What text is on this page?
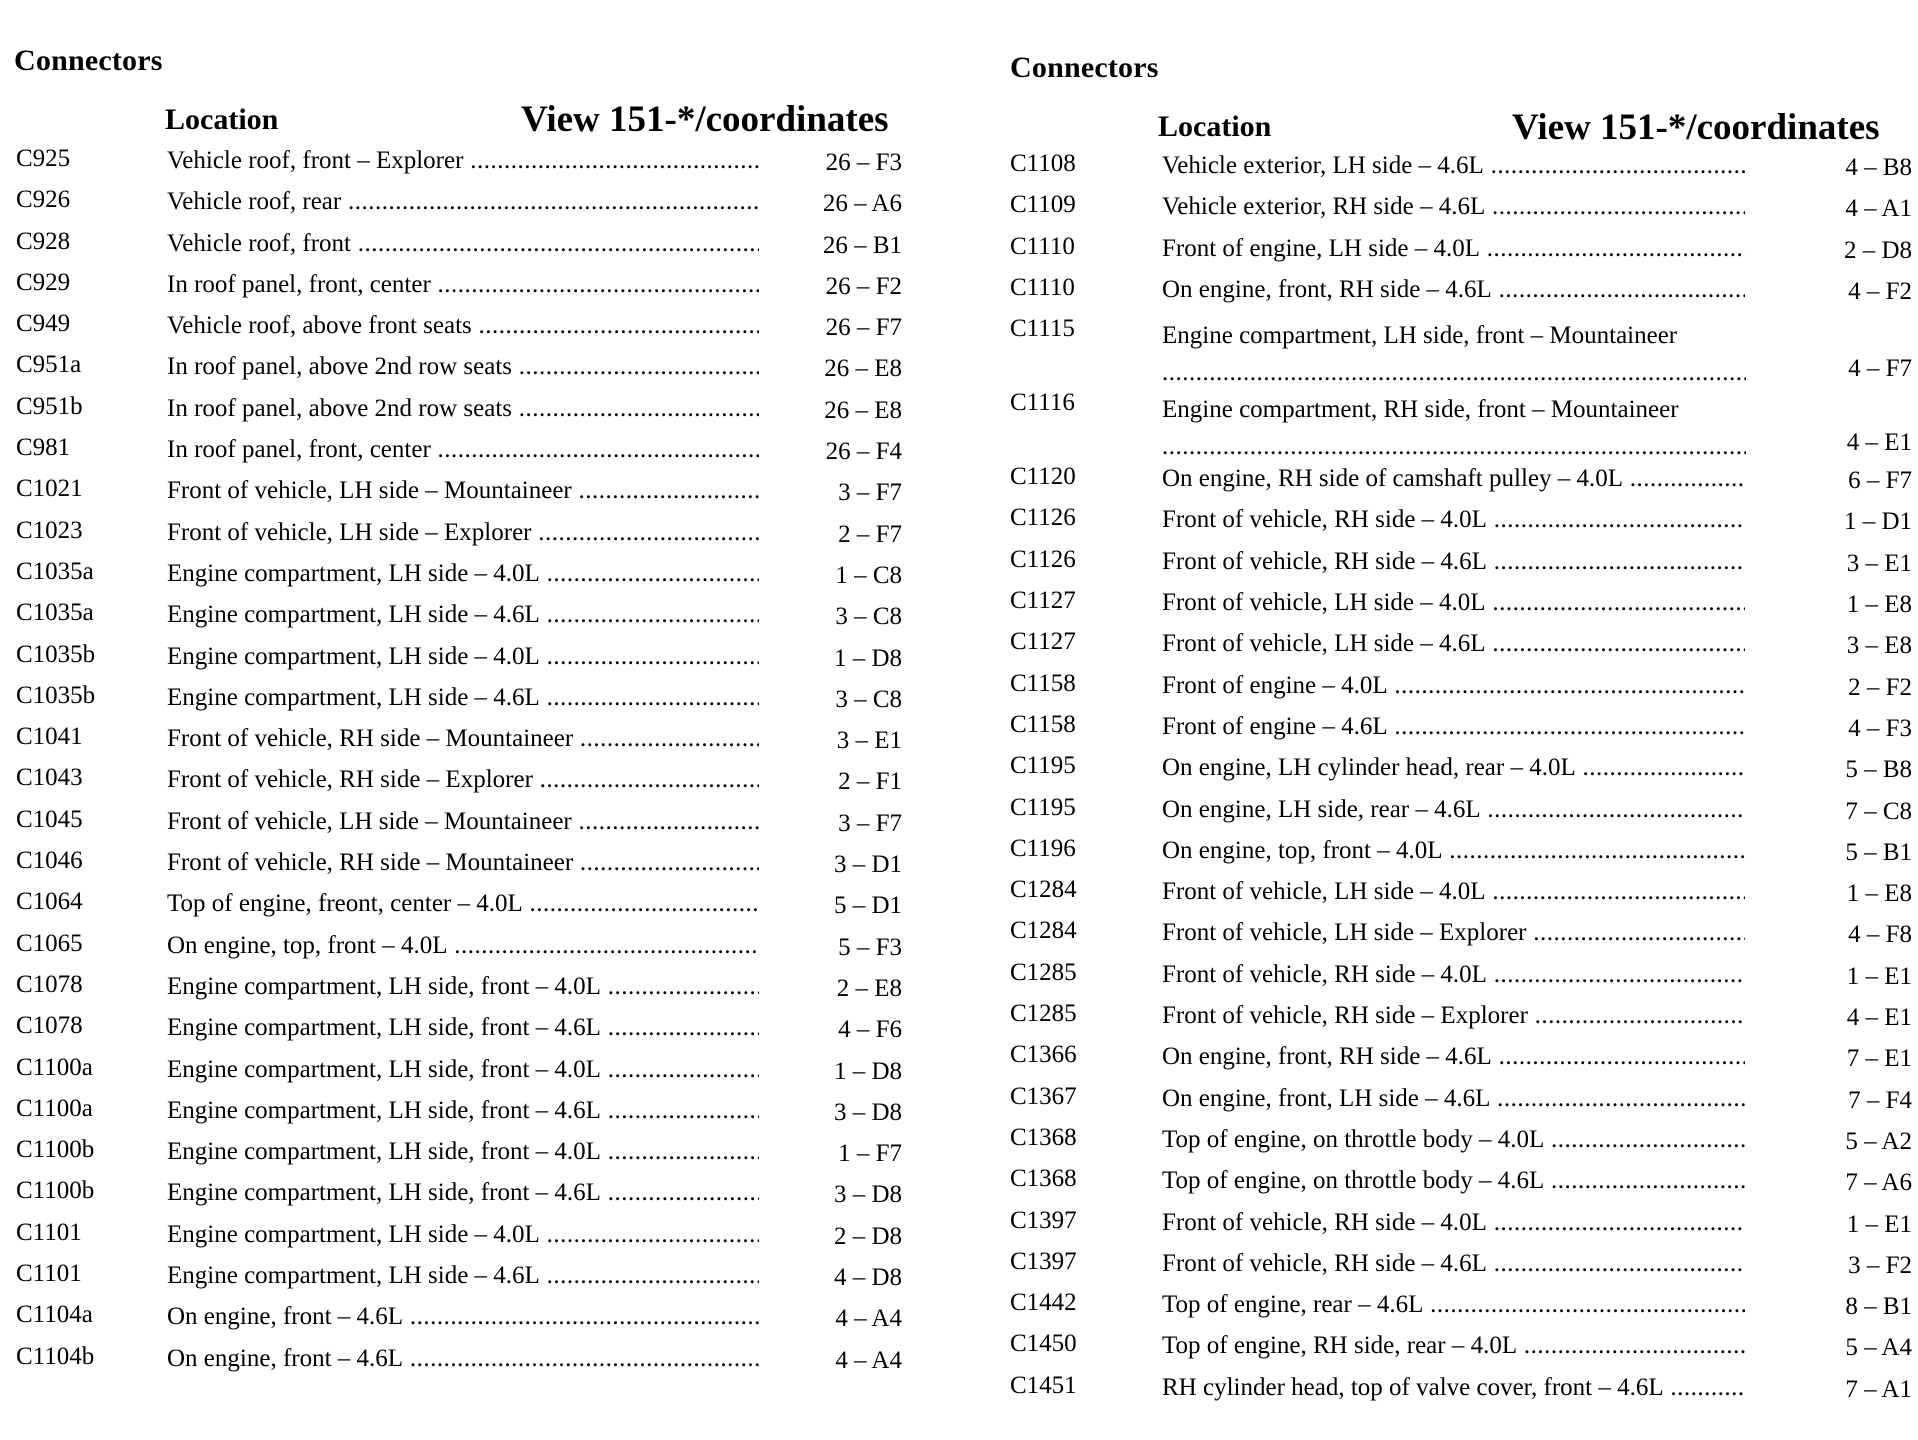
Connectors
Location	View 151-*/coordinates
C925	Vehicle roof, front – Explorer .....	26 – F3
C926	Vehicle roof, rear .....	26 – A6
C928	Vehicle roof, front .....	26 – B1
C929	In roof panel, front, center .....	26 – F2
C949	Vehicle roof, above front seats .....	26 – F7
C951a	In roof panel, above 2nd row seats .....	26 – E8
C951b	In roof panel, above 2nd row seats .....	26 – E8
C981	In roof panel, front, center .....	26 – F4
C1021	Front of vehicle, LH side – Mountaineer .....	3 – F7
C1023	Front of vehicle, LH side – Explorer .....	2 – F7
C1035a	Engine compartment, LH side – 4.0L .....	1 – C8
C1035a	Engine compartment, LH side – 4.6L .....	3 – C8
C1035b	Engine compartment, LH side – 4.0L .....	1 – D8
C1035b	Engine compartment, LH side – 4.6L .....	3 – C8
C1041	Front of vehicle, RH side – Mountaineer .....	3 – E1
C1043	Front of vehicle, RH side – Explorer .....	2 – F1
C1045	Front of vehicle, LH side – Mountaineer .....	3 – F7
C1046	Front of vehicle, RH side – Mountaineer .....	3 – D1
C1064	Top of engine, freont, center – 4.0L .....	5 – D1
C1065	On engine, top, front – 4.0L .....	5 – F3
C1078	Engine compartment, LH side, front – 4.0L .....	2 – E8
C1078	Engine compartment, LH side, front – 4.6L .....	4 – F6
C1100a	Engine compartment, LH side, front – 4.0L .....	1 – D8
C1100a	Engine compartment, LH side, front – 4.6L .....	3 – D8
C1100b	Engine compartment, LH side, front – 4.0L .....	1 – F7
C1100b	Engine compartment, LH side, front – 4.6L .....	3 – D8
C1101	Engine compartment, LH side – 4.0L .....	2 – D8
C1101	Engine compartment, LH side – 4.6L .....	4 – D8
C1104a	On engine, front – 4.6L .....	4 – A4
C1104b	On engine, front – 4.6L .....	4 – A4
Connectors
Location	View 151-*/coordinates
C1108	Vehicle exterior, LH side – 4.6L .....	4 – B8
C1109	Vehicle exterior, RH side – 4.6L .....	4 – A1
C1110	Front of engine, LH side – 4.0L .....	2 – D8
C1110	On engine, front, RH side – 4.6L .....	4 – F2
C1115	Engine compartment, LH side, front – Mountaineer .....
4 – F7
C1116	Engine compartment, RH side, front – Mountaineer .....
4 – E1
C1120	On engine, RH side of camshaft pulley – 4.0L .....	6 – F7
C1126	Front of vehicle, RH side – 4.0L .....	1 – D1
C1126	Front of vehicle, RH side – 4.6L .....	3 – E1
C1127	Front of vehicle, LH side – 4.0L .....	1 – E8
C1127	Front of vehicle, LH side – 4.6L .....	3 – E8
C1158	Front of engine – 4.0L .....	2 – F2
C1158	Front of engine – 4.6L .....	4 – F3
C1195	On engine, LH cylinder head, rear – 4.0L .....	5 – B8
C1195	On engine, LH side, rear – 4.6L .....	7 – C8
C1196	On engine, top, front – 4.0L .....	5 – B1
C1284	Front of vehicle, LH side – 4.0L .....	1 – E8
C1284	Front of vehicle, LH side – Explorer .....	4 – F8
C1285	Front of vehicle, RH side – 4.0L .....	1 – E1
C1285	Front of vehicle, RH side – Explorer .....	4 – E1
C1366	On engine, front, RH side – 4.6L .....	7 – E1
C1367	On engine, front, LH side – 4.6L .....	7 – F4
C1368	Top of engine, on throttle body – 4.0L .....	5 – A2
C1368	Top of engine, on throttle body – 4.6L .....	7 – A6
C1397	Front of vehicle, RH side – 4.0L .....	1 – E1
C1397	Front of vehicle, RH side – 4.6L .....	3 – F2
C1442	Top of engine, rear – 4.6L .....	8 – B1
C1450	Top of engine, RH side, rear – 4.0L .....	5 – A4
C1451	RH cylinder head, top of valve cover, front – 4.6L .....	7 – A1
